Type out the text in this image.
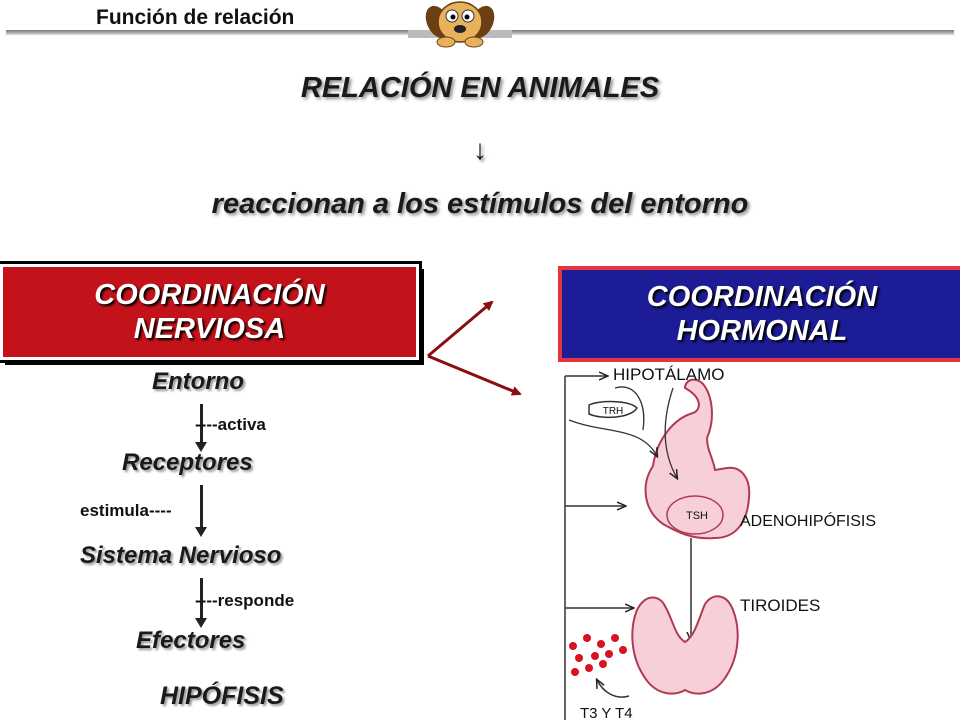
Función de relación
RELACIÓN EN ANIMALES
↓
reaccionan a los estímulos del entorno
COORDINACIÓN
NERVIOSA
COORDINACIÓN
HORMONAL
Entorno
----activa
Receptores
estimula----
Sistema Nervioso
----responde
Efectores
HIPÓFISIS
HIPOTÁLAMO
TRH
TSH ADENOHIPÓFISIS
TIROIDES
T3 Y T4
